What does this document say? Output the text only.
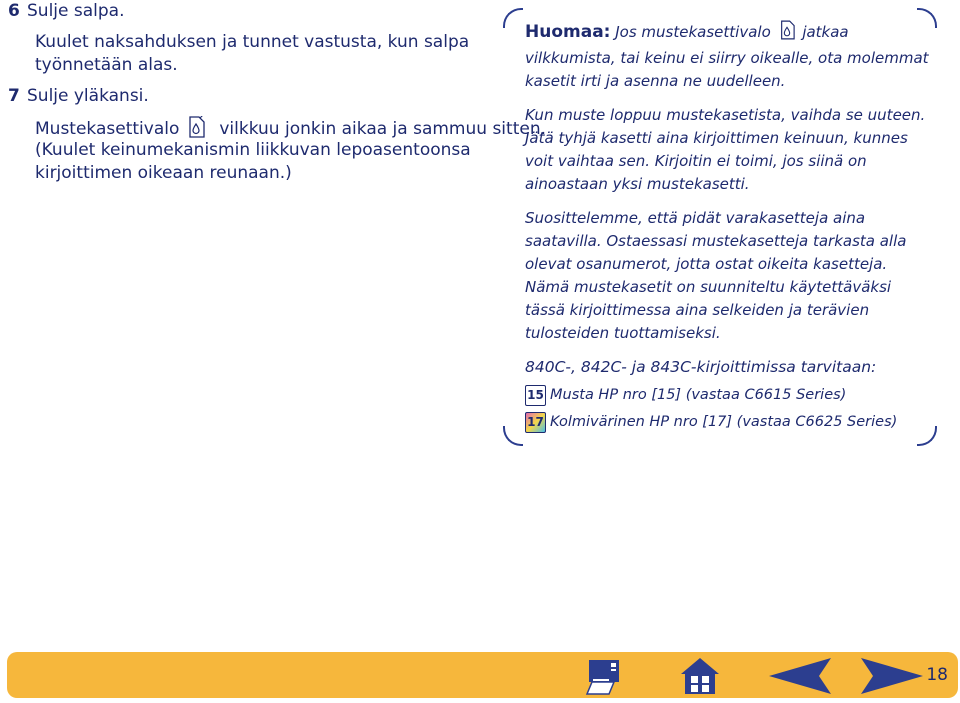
6 Sulje salpa.
Kuulet naksahduksen ja tunnet vastusta, kun salpa
työnnetään alas.
7 Sulje yläkansi.
Mustekasettivalo vilkkuu jonkin aikaa ja sammuu sitten.
(Kuulet keinumekanismin liikkuvan lepoasentoonsa
kirjoittimen oikeaan reunaan.)

Huomaa: Jos mustekasettivalo jatkaa vilkkumista, tai keinu ei siirry oikealle, ota molemmat kasetit irti ja asenna ne uudelleen.

Kun muste loppuu mustekasetista, vaihda se uuteen. Jätä tyhjä kasetti aina kirjoittimen keinuun, kunnes voit vaihtaa sen. Kirjoitin ei toimi, jos siinä on ainoastaan yksi mustekasetti.

Suosittelemme, että pidät varakasetteja aina saatavilla. Ostaessasi mustekasetteja tarkasta alla olevat osanumerot, jotta ostat oikeita kasetteja. Nämä mustekasetit on suunniteltu käytettäväksi tässä kirjoittimessa aina selkeiden ja terävien tulosteiden tuottamiseksi.

840C-, 842C- ja 843C-kirjoittimissa tarvitaan:

15 Musta HP nro [15] (vastaa C6615 Series)
17 Kolmivärinen HP nro [17] (vastaa C6625 Series)
18
